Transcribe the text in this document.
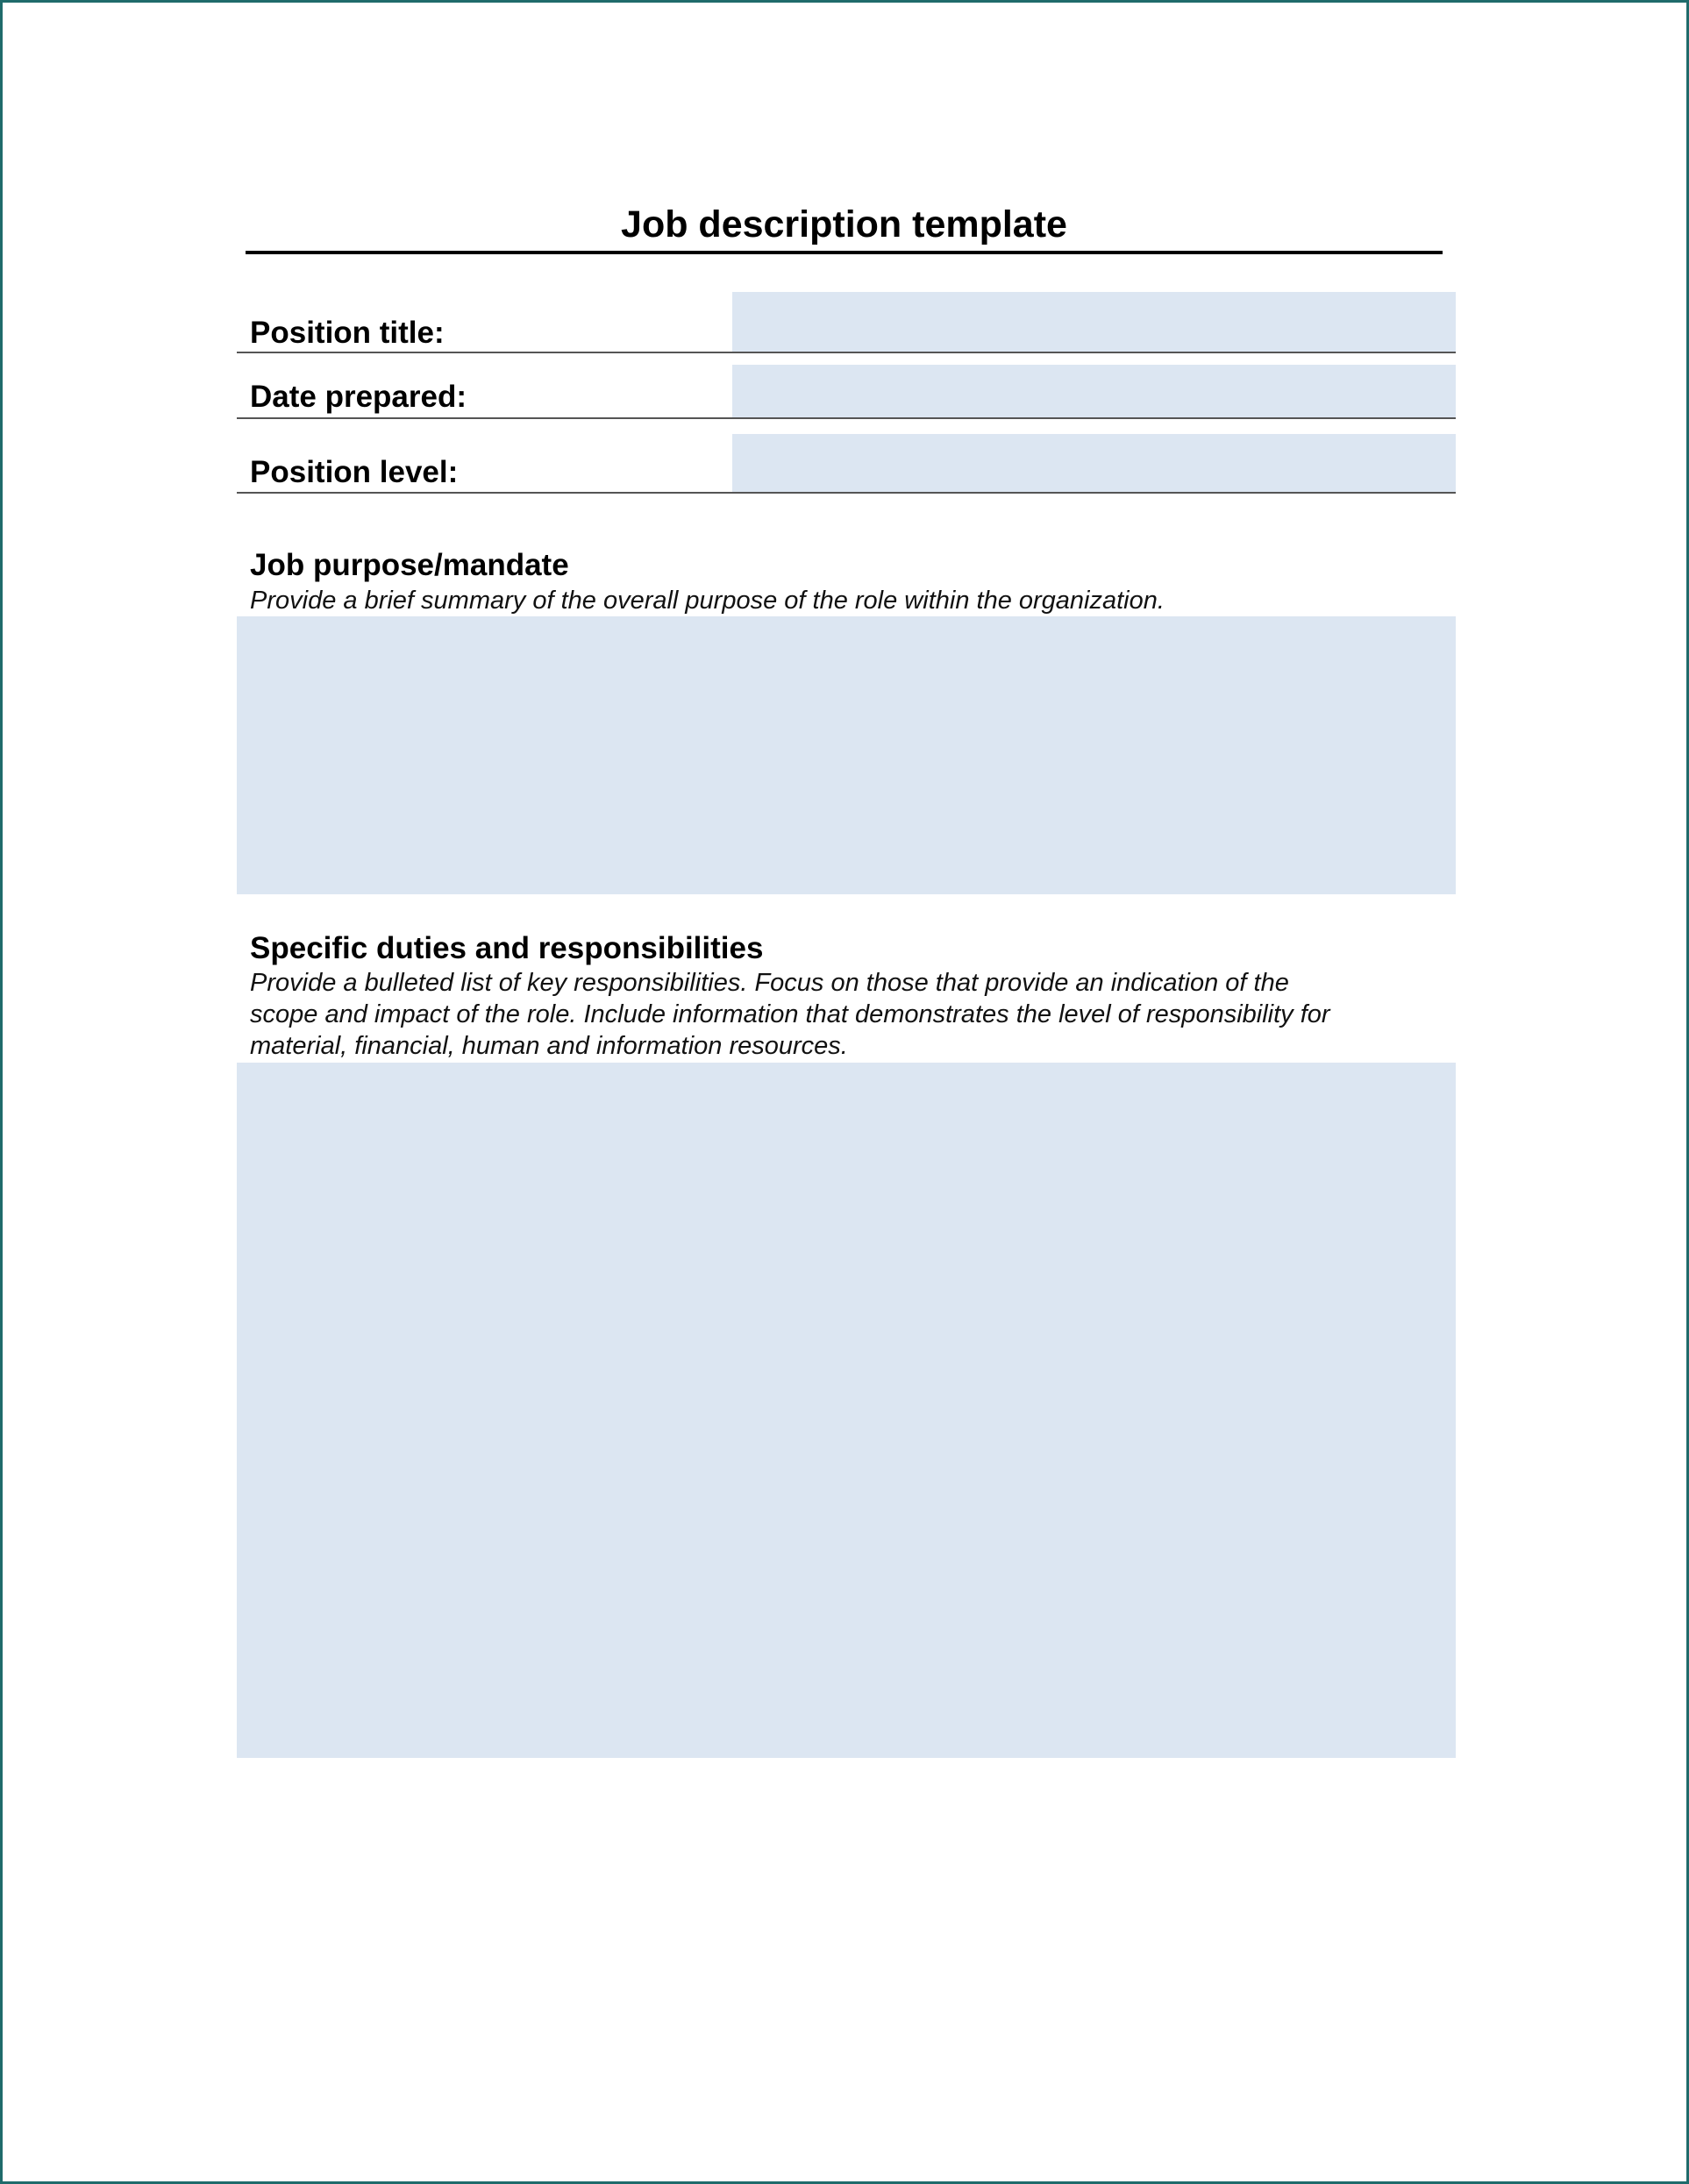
Job description template
Position title:
Date prepared:
Position level:
Job purpose/mandate
Provide a brief summary of the overall purpose of the role within the organization.
Specific duties and responsibilities
Provide a bulleted list of key responsibilities. Focus on those that provide an indication of the
scope and impact of the role. Include information that demonstrates the level of responsibility for
material, financial, human and information resources.
